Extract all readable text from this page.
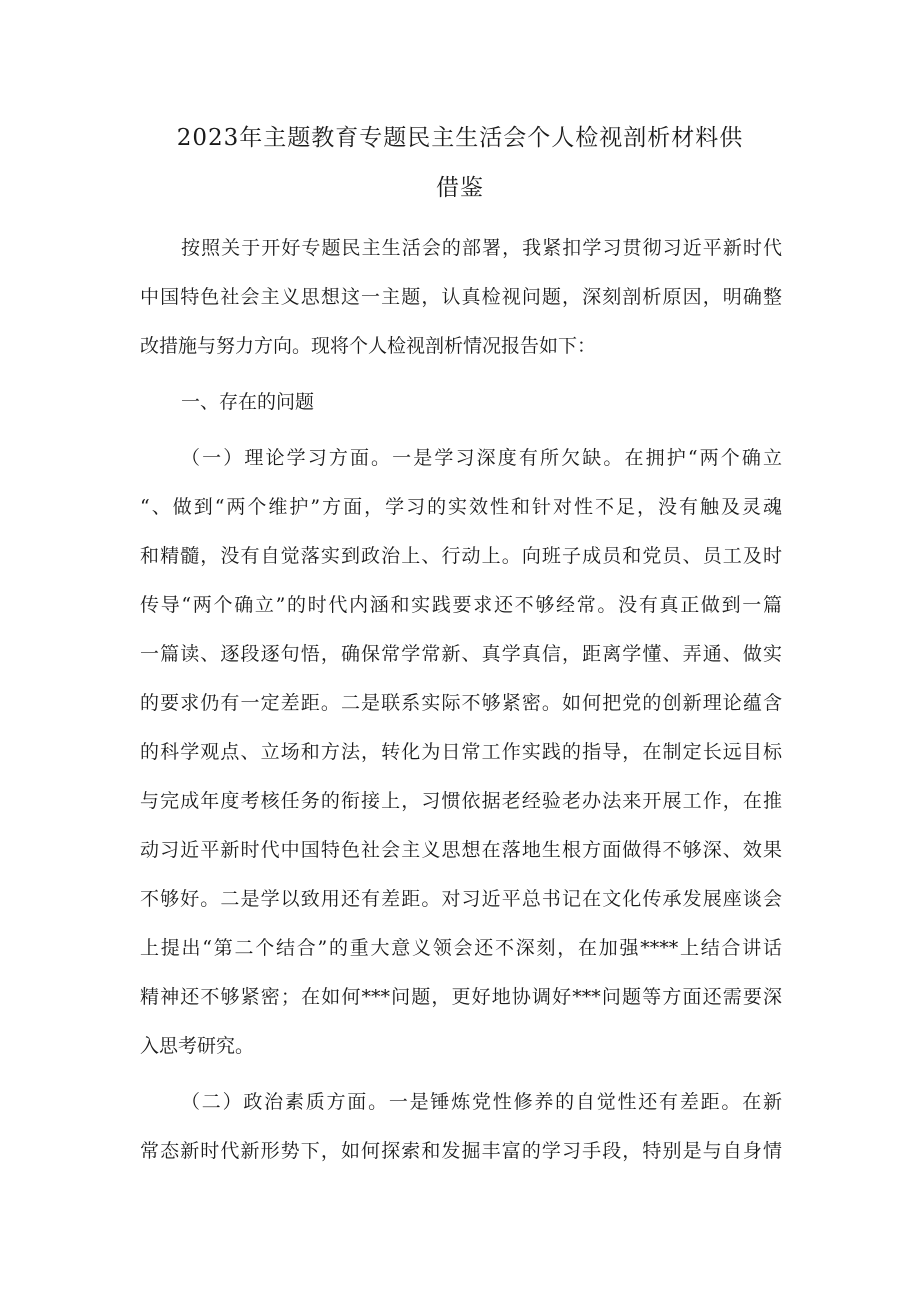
2023年主题教育专题民主生活会个人检视剖析材料供
借鉴

按照关于开好专题民主生活会的部署，我紧扣学习贯彻习近平新时代

中国特色社会主义思想这一主题，认真检视问题，深刻剖析原因，明确整

改措施与努力方向。现将个人检视剖析情况报告如下：

一、存在的问题

（一）理论学习方面。一是学习深度有所欠缺。在拥护“两个确立

“、做到“两个维护”方面，学习的实效性和针对性不足，没有触及灵魂

和精髓，没有自觉落实到政治上、行动上。向班子成员和党员、员工及时

传导“两个确立”的时代内涵和实践要求还不够经常。没有真正做到一篇

一篇读、逐段逐句悟，确保常学常新、真学真信，距离学懂、弄通、做实

的要求仍有一定差距。二是联系实际不够紧密。如何把党的创新理论蕴含

的科学观点、立场和方法，转化为日常工作实践的指导，在制定长远目标

与完成年度考核任务的衔接上，习惯依据老经验老办法来开展工作，在推

动习近平新时代中国特色社会主义思想在落地生根方面做得不够深、效果

不够好。二是学以致用还有差距。对习近平总书记在文化传承发展座谈会

上提出“第二个结合”的重大意义领会还不深刻，在加强****上结合讲话

精神还不够紧密；在如何***问题，更好地协调好***问题等方面还需要深

入思考研究。

（二）政治素质方面。一是锤炼党性修养的自觉性还有差距。在新

常态新时代新形势下，如何探索和发掘丰富的学习手段，特别是与自身情
